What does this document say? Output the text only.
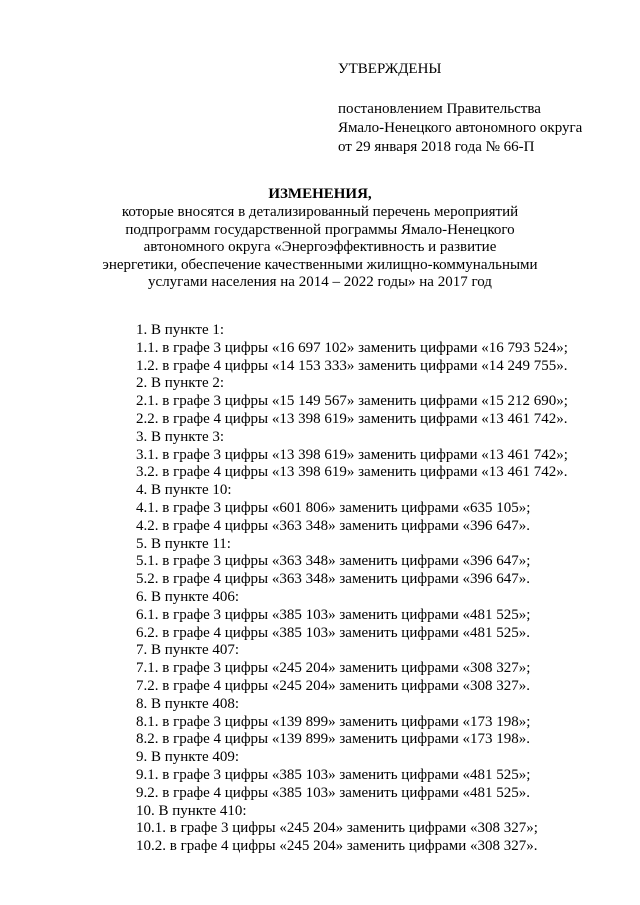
УТВЕРЖДЕНЫ

постановлением Правительства

Ямало-Ненецкого автономного округа

от 29 января 2018 года № 66-П

ИЗМЕНЕНИЯ,

которые вносятся в детализированный перечень мероприятий

подпрограмм государственной программы Ямало-Ненецкого

автономного округа «Энергоэффективность и развитие

энергетики, обеспечение качественными жилищно-коммунальными

услугами населения на 2014 – 2022 годы» на 2017 год

1. В пункте 1:

1.1. в графе 3 цифры «16 697 102» заменить цифрами «16 793 524»;

1.2. в графе 4 цифры «14 153 333» заменить цифрами «14 249 755».

2. В пункте 2:

2.1. в графе 3 цифры «15 149 567» заменить цифрами «15 212 690»;

2.2. в графе 4 цифры «13 398 619» заменить цифрами «13 461 742».

3. В пункте 3:

3.1. в графе 3 цифры «13 398 619» заменить цифрами «13 461 742»;

3.2. в графе 4 цифры «13 398 619» заменить цифрами «13 461 742».

4. В пункте 10:

4.1. в графе 3 цифры «601 806» заменить цифрами «635 105»;

4.2. в графе 4 цифры «363 348» заменить цифрами «396 647».

5. В пункте 11:

5.1. в графе 3 цифры «363 348» заменить цифрами «396 647»;

5.2. в графе 4 цифры «363 348» заменить цифрами «396 647».

6. В пункте 406:

6.1. в графе 3 цифры «385 103» заменить цифрами «481 525»;

6.2. в графе 4 цифры «385 103» заменить цифрами «481 525».

7. В пункте 407:

7.1. в графе 3 цифры «245 204» заменить цифрами «308 327»;

7.2. в графе 4 цифры «245 204» заменить цифрами «308 327».

8. В пункте 408:

8.1. в графе 3 цифры «139 899» заменить цифрами «173 198»;

8.2. в графе 4 цифры «139 899» заменить цифрами «173 198».

9. В пункте 409:

9.1. в графе 3 цифры «385 103» заменить цифрами «481 525»;

9.2. в графе 4 цифры «385 103» заменить цифрами «481 525».

10. В пункте 410:

10.1. в графе 3 цифры «245 204» заменить цифрами «308 327»;

10.2. в графе 4 цифры «245 204» заменить цифрами «308 327».
